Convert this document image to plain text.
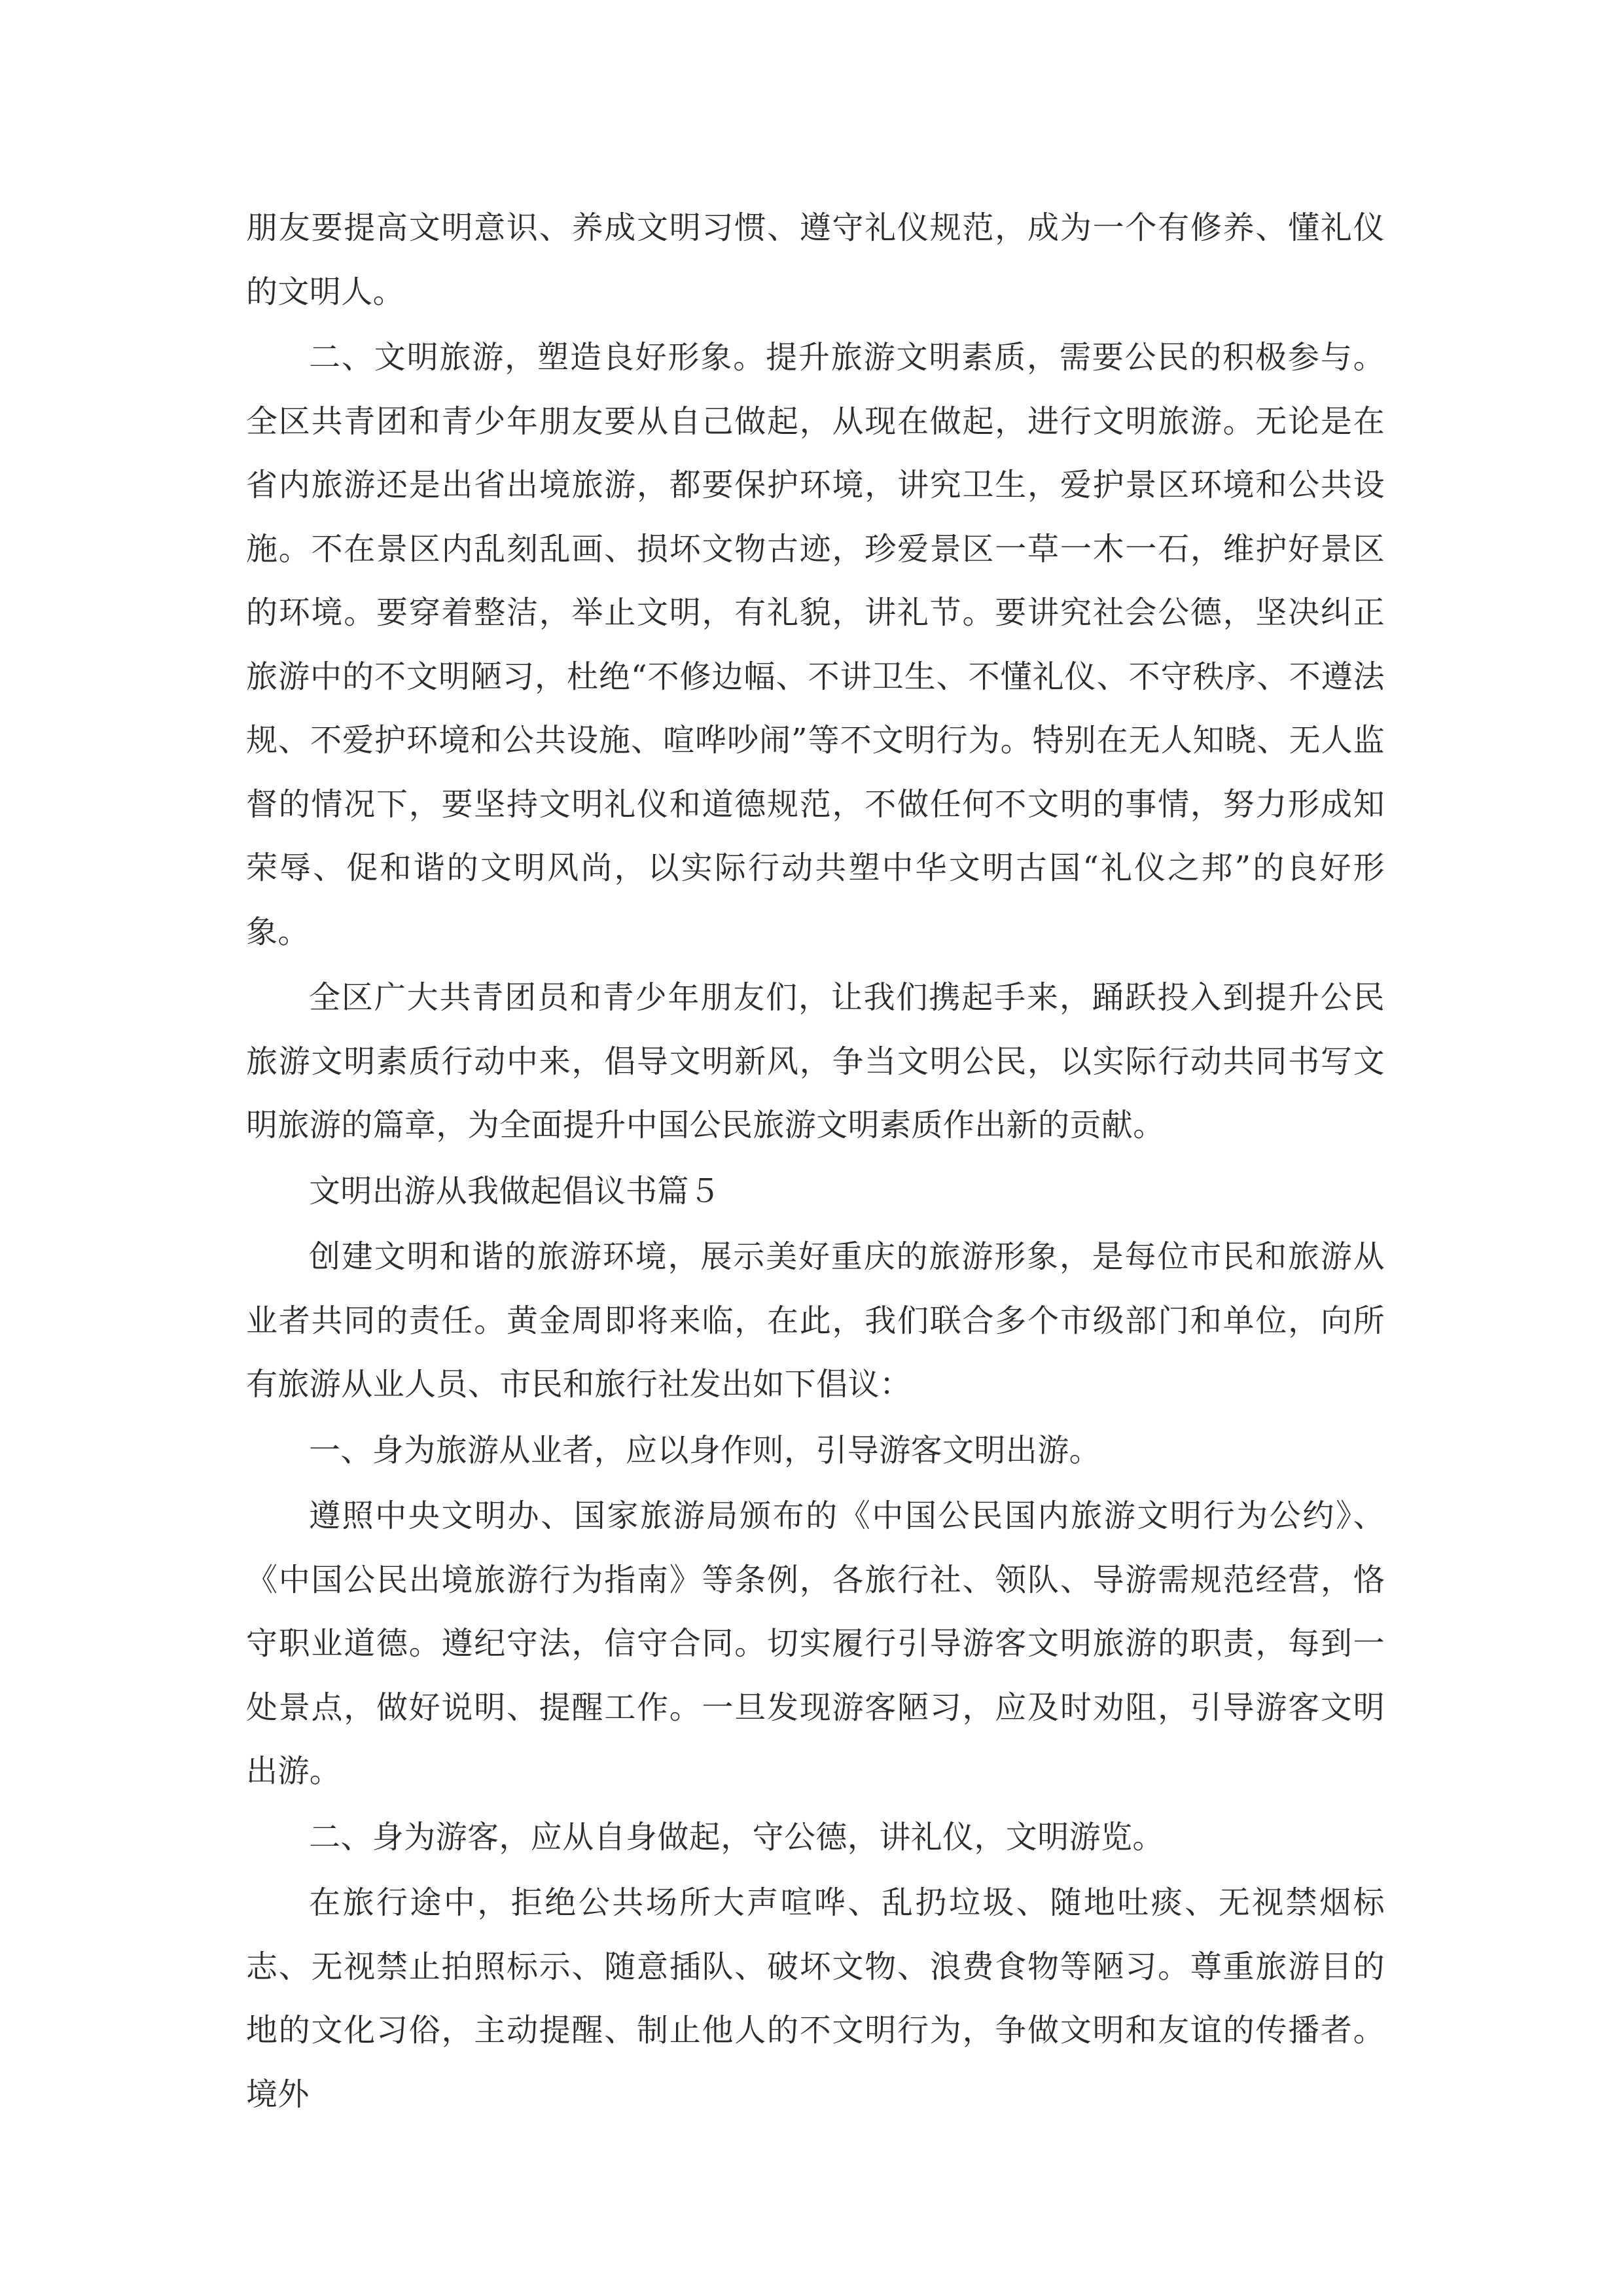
朋友要提高文明意识、养成文明习惯、遵守礼仪规范，成为一个有修养、懂礼仪的文明人。

二、文明旅游，塑造良好形象。提升旅游文明素质，需要公民的积极参与。全区共青团和青少年朋友要从自己做起，从现在做起，进行文明旅游。无论是在省内旅游还是出省出境旅游，都要保护环境，讲究卫生，爱护景区环境和公共设施。不在景区内乱刻乱画、损坏文物古迹，珍爱景区一草一木一石，维护好景区的环境。要穿着整洁，举止文明，有礼貌，讲礼节。要讲究社会公德，坚决纠正旅游中的不文明陋习，杜绝“不修边幅、不讲卫生、不懂礼仪、不守秩序、不遵法规、不爱护环境和公共设施、喧哗吵闹”等不文明行为。特别在无人知晓、无人监督的情况下，要坚持文明礼仪和道德规范，不做任何不文明的事情，努力形成知荣辱、促和谐的文明风尚，以实际行动共塑中华文明古国“礼仪之邦”的良好形象。

全区广大共青团员和青少年朋友们，让我们携起手来，踊跃投入到提升公民旅游文明素质行动中来，倡导文明新风，争当文明公民，以实际行动共同书写文明旅游的篇章，为全面提升中国公民旅游文明素质作出新的贡献。

文明出游从我做起倡议书篇５

创建文明和谐的旅游环境，展示美好重庆的旅游形象，是每位市民和旅游从业者共同的责任。黄金周即将来临，在此，我们联合多个市级部门和单位，向所有旅游从业人员、市民和旅行社发出如下倡议：

一、身为旅游从业者，应以身作则，引导游客文明出游。

遵照中央文明办、国家旅游局颁布的《中国公民国内旅游文明行为公约》、《中国公民出境旅游行为指南》等条例，各旅行社、领队、导游需规范经营，恪守职业道德。遵纪守法，信守合同。切实履行引导游客文明旅游的职责，每到一处景点，做好说明、提醒工作。一旦发现游客陋习，应及时劝阻，引导游客文明出游。

二、身为游客，应从自身做起，守公德，讲礼仪，文明游览。

在旅行途中，拒绝公共场所大声喧哗、乱扔垃圾、随地吐痰、无视禁烟标志、无视禁止拍照标示、随意插队、破坏文物、浪费食物等陋习。尊重旅游目的地的文化习俗，主动提醒、制止他人的不文明行为，争做文明和友谊的传播者。境外
